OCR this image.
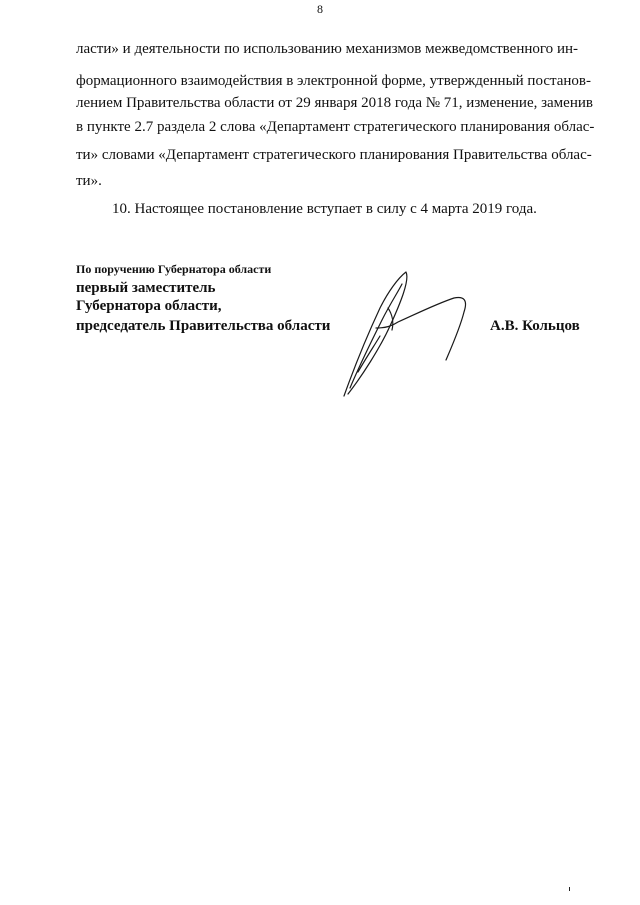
8
ласти» и деятельности по использованию механизмов межведомственного ин-
формационного взаимодействия в электронной форме, утвержденный постанов-
лением Правительства области от 29 января 2018 года № 71, изменение, заменив
в пункте 2.7 раздела 2 слова «Департамент стратегического планирования облас-
ти» словами «Департамент стратегического планирования Правительства облас-
ти».
10. Настоящее постановление вступает в силу с 4 марта 2019 года.
По поручению Губернатора области
первый заместитель
Губернатора области,
председатель Правительства области	А.В. Кольцов
